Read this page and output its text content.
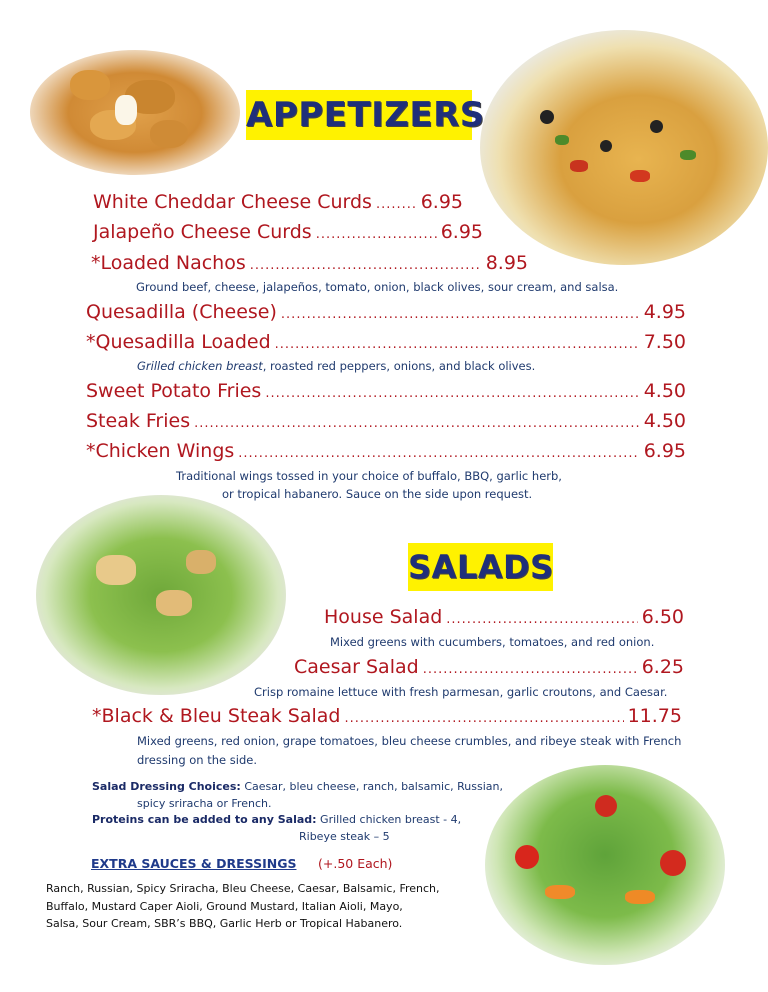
APPETIZERS
White Cheddar Cheese Curds .....	6.95
Jalapeño Cheese Curds .....	6.95
*Loaded Nachos .....	8.95
Ground beef, cheese, jalapeños, tomato, onion, black olives, sour cream, and salsa.
Quesadilla (Cheese) .....	4.95
*Quesadilla Loaded .....	7.50
Grilled chicken breast, roasted red peppers, onions, and black olives.
Sweet Potato Fries .....	4.50
Steak Fries .....	4.50
*Chicken Wings .....	6.95
Traditional wings tossed in your choice of buffalo, BBQ, garlic herb,
or tropical habanero. Sauce on the side upon request.
SALADS
House Salad .....	6.50
Mixed greens with cucumbers, tomatoes, and red onion.
Caesar Salad .....	6.25
Crisp romaine lettuce with fresh parmesan, garlic croutons, and Caesar.
*Black & Bleu Steak Salad .....	11.75
Mixed greens, red onion, grape tomatoes, bleu cheese crumbles, and ribeye steak with French
dressing on the side.
Salad Dressing Choices: Caesar, bleu cheese, ranch, balsamic, Russian,
spicy sriracha or French.
Proteins can be added to any Salad: Grilled chicken breast - 4,
Ribeye steak – 5
EXTRA SAUCES & DRESSINGS (+.50 Each)
Ranch, Russian, Spicy Sriracha, Bleu Cheese, Caesar, Balsamic, French,
Buffalo, Mustard Caper Aioli, Ground Mustard, Italian Aioli, Mayo,
Salsa, Sour Cream, SBR’s BBQ, Garlic Herb or Tropical Habanero.
